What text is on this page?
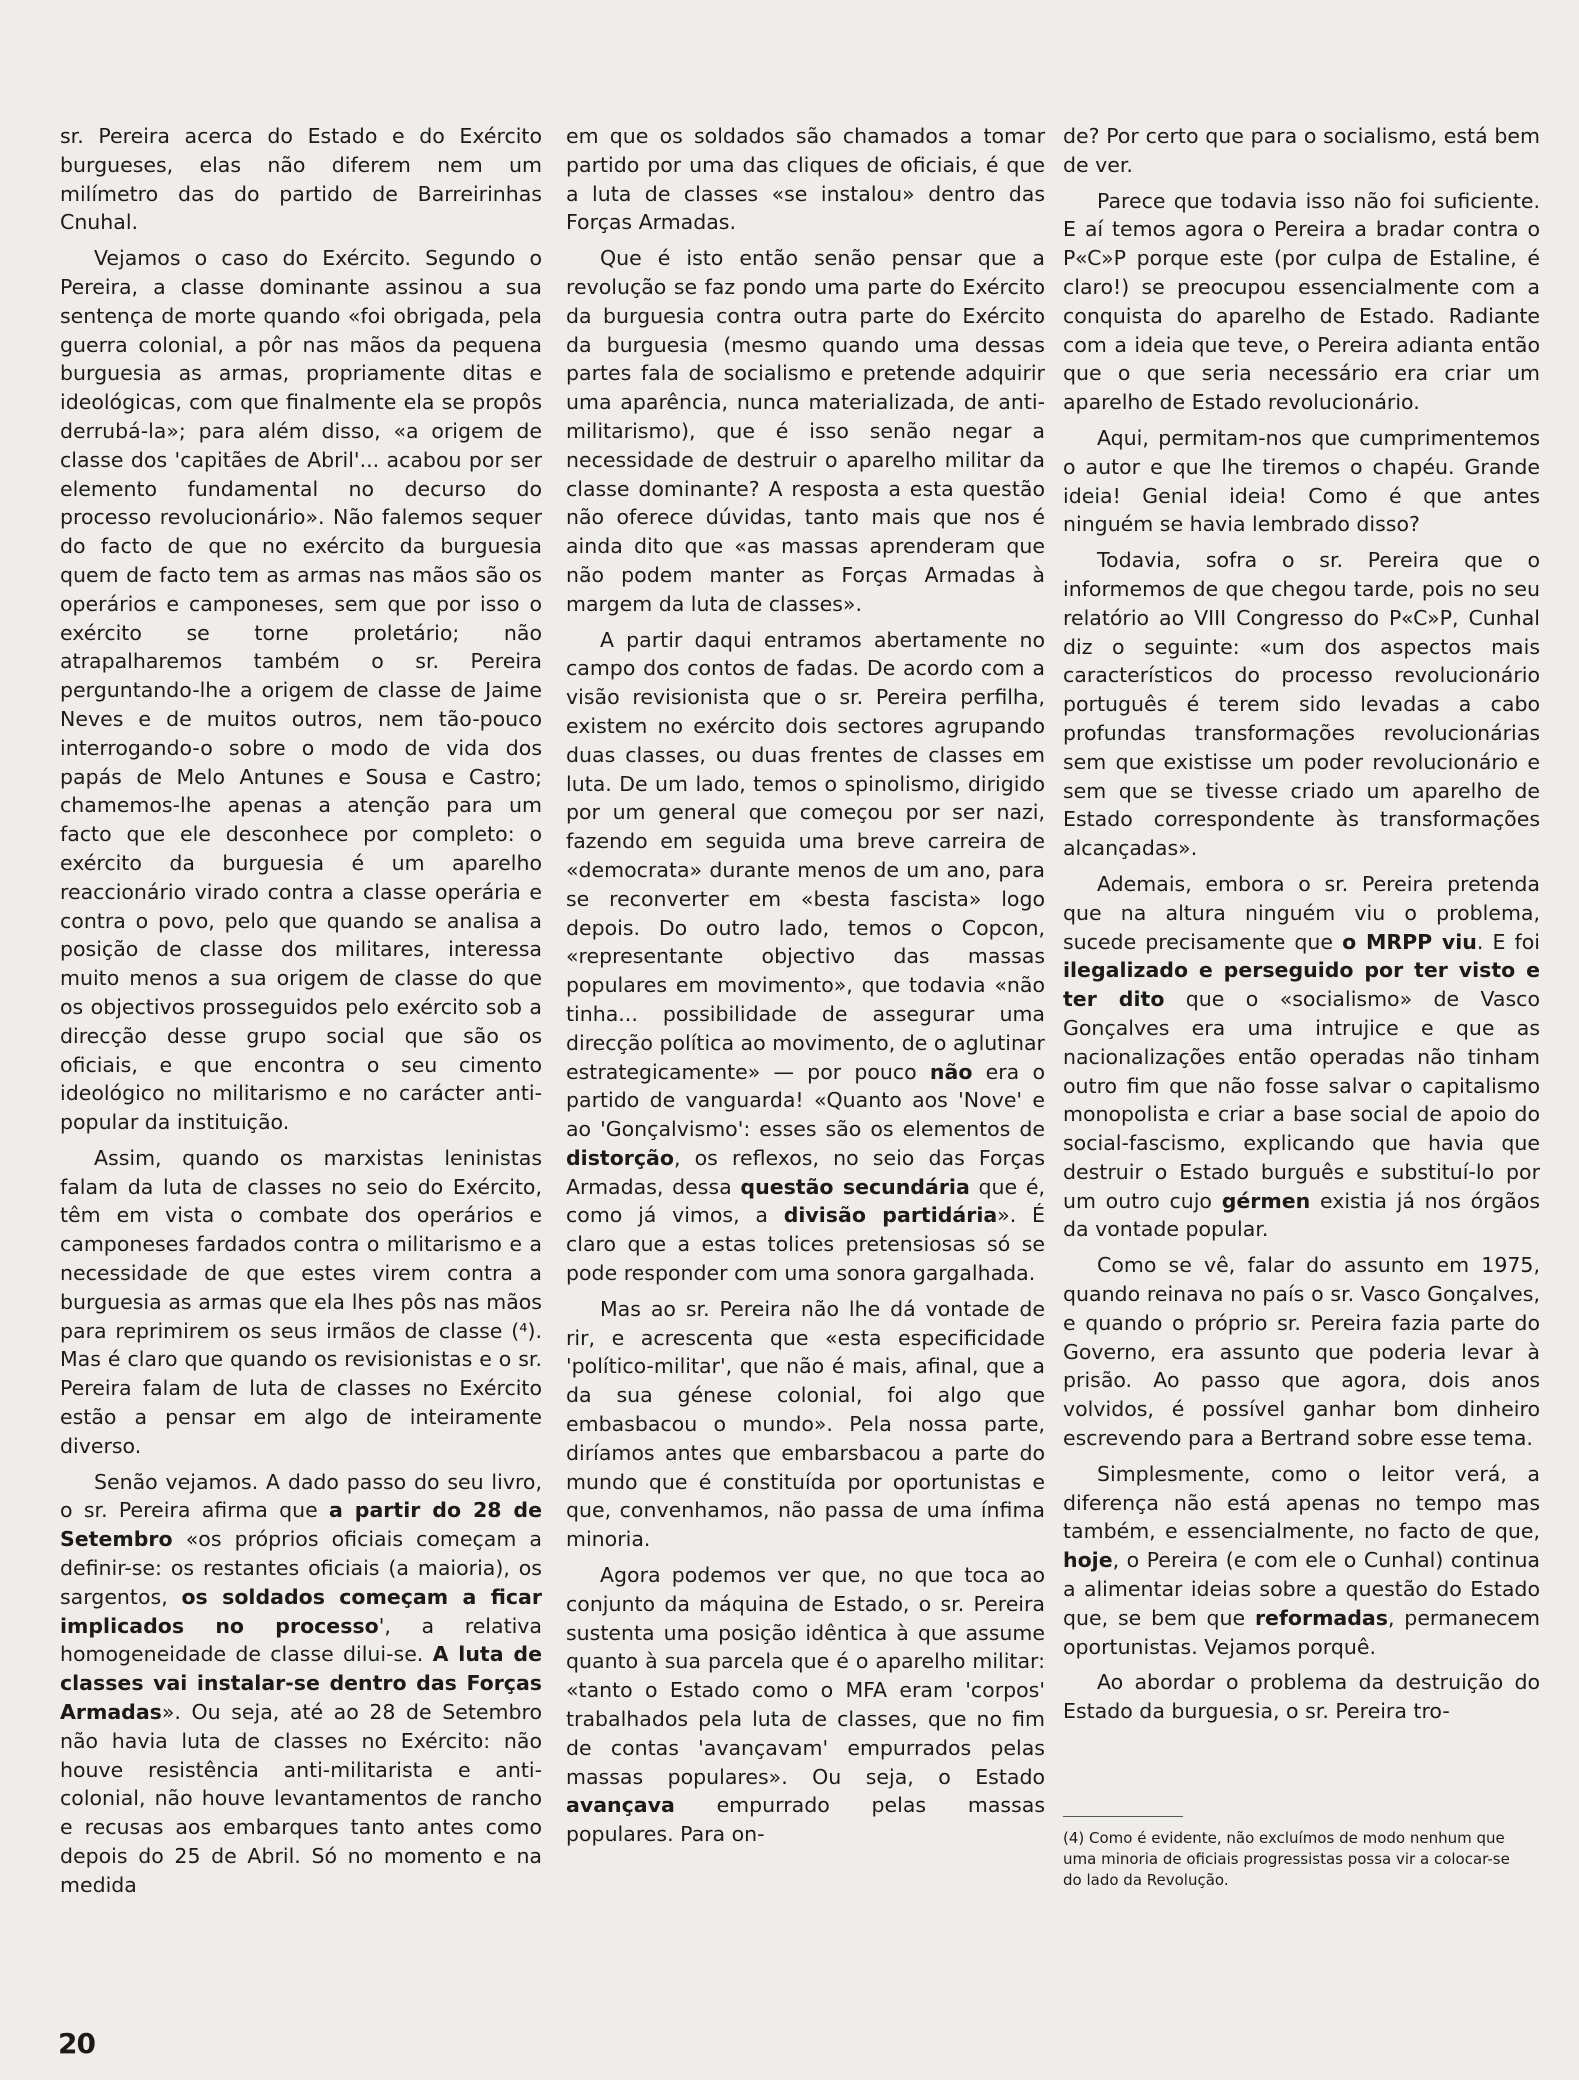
sr. Pereira acerca do Estado e do Exército burgueses, elas não diferem nem um milímetro das do partido de Barreirinhas Cnuhal.

Vejamos o caso do Exército. Segundo o Pereira, a classe dominante assinou a sua sentença de morte quando «foi obrigada, pela guerra colonial, a pôr nas mãos da pequena burguesia as armas, propriamente ditas e ideológicas, com que finalmente ela se propôs derrubá-la»; para além disso, «a origem de classe dos 'capitães de Abril'... acabou por ser elemento fundamental no decurso do processo revolucionário». Não falemos sequer do facto de que no exército da burguesia quem de facto tem as armas nas mãos são os operários e camponeses, sem que por isso o exército se torne proletário; não atrapalharemos também o sr. Pereira perguntando-lhe a origem de classe de Jaime Neves e de muitos outros, nem tão-pouco interrogando-o sobre o modo de vida dos papás de Melo Antunes e Sousa e Castro; chamemos-lhe apenas a atenção para um facto que ele desconhece por completo: o exército da burguesia é um aparelho reaccionário virado contra a classe operária e contra o povo, pelo que quando se analisa a posição de classe dos militares, interessa muito menos a sua origem de classe do que os objectivos prosseguidos pelo exército sob a direcção desse grupo social que são os oficiais, e que encontra o seu cimento ideológico no militarismo e no carácter anti-popular da instituição.

Assim, quando os marxistas leninistas falam da luta de classes no seio do Exército, têm em vista o combate dos operários e camponeses fardados contra o militarismo e a necessidade de que estes virem contra a burguesia as armas que ela lhes pôs nas mãos para reprimirem os seus irmãos de classe (⁴). Mas é claro que quando os revisionistas e o sr. Pereira falam de luta de classes no Exército estão a pensar em algo de inteiramente diverso.

Senão vejamos. A dado passo do seu livro, o sr. Pereira afirma que a partir do 28 de Setembro «os próprios oficiais começam a definir-se: os restantes oficiais (a maioria), os sargentos, os soldados começam a ficar implicados no processo', a relativa homogeneidade de classe dilui-se. A luta de classes vai instalar-se dentro das Forças Armadas». Ou seja, até ao 28 de Setembro não havia luta de classes no Exército: não houve resistência anti-militarista e anti-colonial, não houve levantamentos de rancho e recusas aos embarques tanto antes como depois do 25 de Abril. Só no momento e na medida

em que os soldados são chamados a tomar partido por uma das cliques de oficiais, é que a luta de classes «se instalou» dentro das Forças Armadas.

Que é isto então senão pensar que a revolução se faz pondo uma parte do Exército da burguesia contra outra parte do Exército da burguesia (mesmo quando uma dessas partes fala de socialismo e pretende adquirir uma aparência, nunca materializada, de anti-militarismo), que é isso senão negar a necessidade de destruir o aparelho militar da classe dominante? A resposta a esta questão não oferece dúvidas, tanto mais que nos é ainda dito que «as massas aprenderam que não podem manter as Forças Armadas à margem da luta de classes».

A partir daqui entramos abertamente no campo dos contos de fadas. De acordo com a visão revisionista que o sr. Pereira perfilha, existem no exército dois sectores agrupando duas classes, ou duas frentes de classes em luta. De um lado, temos o spinolismo, dirigido por um general que começou por ser nazi, fazendo em seguida uma breve carreira de «democrata» durante menos de um ano, para se reconverter em «besta fascista» logo depois. Do outro lado, temos o Copcon, «representante objectivo das massas populares em movimento», que todavia «não tinha... possibilidade de assegurar uma direcção política ao movimento, de o aglutinar estrategicamente» — por pouco não era o partido de vanguarda! «Quanto aos 'Nove' e ao 'Gonçalvismo': esses são os elementos de distorção, os reflexos, no seio das Forças Armadas, dessa questão secundária que é, como já vimos, a divisão partidária». É claro que a estas tolices pretensiosas só se pode responder com uma sonora gargalhada.

Mas ao sr. Pereira não lhe dá vontade de rir, e acrescenta que «esta especificidade 'político-militar', que não é mais, afinal, que a da sua génese colonial, foi algo que embasbacou o mundo». Pela nossa parte, diríamos antes que embarsbacou a parte do mundo que é constituída por oportunistas e que, convenhamos, não passa de uma ínfima minoria.

Agora podemos ver que, no que toca ao conjunto da máquina de Estado, o sr. Pereira sustenta uma posição idêntica à que assume quanto à sua parcela que é o aparelho militar: «tanto o Estado como o MFA eram 'corpos' trabalhados pela luta de classes, que no fim de contas 'avançavam' empurrados pelas massas populares». Ou seja, o Estado avançava empurrado pelas massas populares. Para on-

de? Por certo que para o socialismo, está bem de ver.

Parece que todavia isso não foi suficiente. E aí temos agora o Pereira a bradar contra o P«C»P porque este (por culpa de Estaline, é claro!) se preocupou essencialmente com a conquista do aparelho de Estado. Radiante com a ideia que teve, o Pereira adianta então que o que seria necessário era criar um aparelho de Estado revolucionário.

Aqui, permitam-nos que cumprimentemos o autor e que lhe tiremos o chapéu. Grande ideia! Genial ideia! Como é que antes ninguém se havia lembrado disso?

Todavia, sofra o sr. Pereira que o informemos de que chegou tarde, pois no seu relatório ao VIII Congresso do P«C»P, Cunhal diz o seguinte: «um dos aspectos mais característicos do processo revolucionário português é terem sido levadas a cabo profundas transformações revolucionárias sem que existisse um poder revolucionário e sem que se tivesse criado um aparelho de Estado correspondente às transformações alcançadas».

Ademais, embora o sr. Pereira pretenda que na altura ninguém viu o problema, sucede precisamente que o MRPP viu. E foi ilegalizado e perseguido por ter visto e ter dito que o «socialismo» de Vasco Gonçalves era uma intrujice e que as nacionalizações então operadas não tinham outro fim que não fosse salvar o capitalismo monopolista e criar a base social de apoio do social-fascismo, explicando que havia que destruir o Estado burguês e substituí-lo por um outro cujo gérmen existia já nos órgãos da vontade popular.

Como se vê, falar do assunto em 1975, quando reinava no país o sr. Vasco Gonçalves, e quando o próprio sr. Pereira fazia parte do Governo, era assunto que poderia levar à prisão. Ao passo que agora, dois anos volvidos, é possível ganhar bom dinheiro escrevendo para a Bertrand sobre esse tema.

Simplesmente, como o leitor verá, a diferença não está apenas no tempo mas também, e essencialmente, no facto de que, hoje, o Pereira (e com ele o Cunhal) continua a alimentar ideias sobre a questão do Estado que, se bem que reformadas, permanecem oportunistas. Vejamos porquê.

Ao abordar o problema da destruição do Estado da burguesia, o sr. Pereira tro-

(4) Como é evidente, não excluímos de modo nenhum que uma minoria de oficiais progressistas possa vir a colocar-se do lado da Revolução.
20
